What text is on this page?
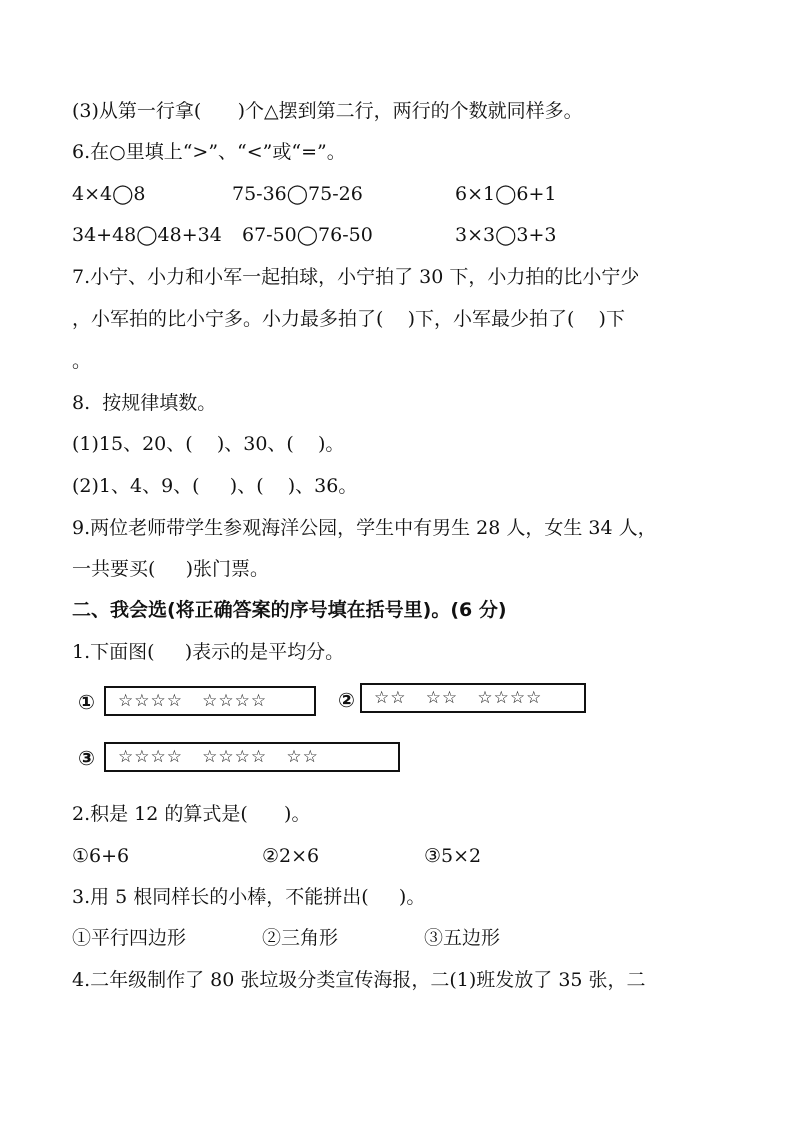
(3)从第一行拿(      )个△摆到第二行，两行的个数就同样多。
6.在○里填上“>”、“<”或“=”。
4×4◯8	75-36◯75-26	6×1◯6+1
34+48◯48+34 67-50◯76-50	3×3◯3+3
7.小宁、小力和小军一起拍球，小宁拍了 30 下，小力拍的比小宁少
，小军拍的比小宁多。小力最多拍了(    )下，小军最少拍了(    )下
。
8.  按规律填数。
(1)15、20、(    )、30、(    )。
(2)1、4、9、(     )、(    )、36。
9.两位老师带学生参观海洋公园，学生中有男生 28 人，女生 34 人，
一共要买(     )张门票。
二、我会选(将正确答案的序号填在括号里)。(6 分)
1.下面图(     )表示的是平均分。
①	☆☆☆☆   ☆☆☆☆	②	☆☆   ☆☆   ☆☆☆☆
③	☆☆☆☆   ☆☆☆☆   ☆☆
2.积是 12 的算式是(      )。
①6+6	②2×6	③5×2
3.用 5 根同样长的小棒，不能拼出(     )。
①平行四边形	②三角形	③五边形
4.二年级制作了 80 张垃圾分类宣传海报，二(1)班发放了 35 张，二
